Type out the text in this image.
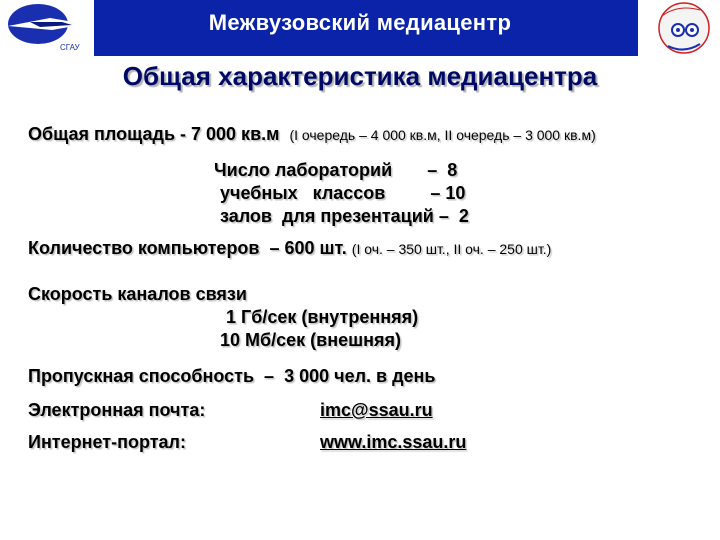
СГАУ
Межвузовский медиацентр
Общая характеристика медиацентра
Общая площадь - 7 000 кв.м (I очередь – 4 000 кв.м, II очередь – 3 000 кв.м)
Число лабораторий       –  8
учебных   классов         – 10
залов  для презентаций –  2
Количество компьютеров  – 600 шт. (I оч. – 350 шт., II оч. – 250 шт.)
Скорость каналов связи
1 Гб/сек (внутренняя)
10 Мб/сек (внешняя)
Пропускная способность  –  3 000 чел. в день
Электронная почта:	imc@ssau.ru
Интернет-портал:	www.imc.ssau.ru
